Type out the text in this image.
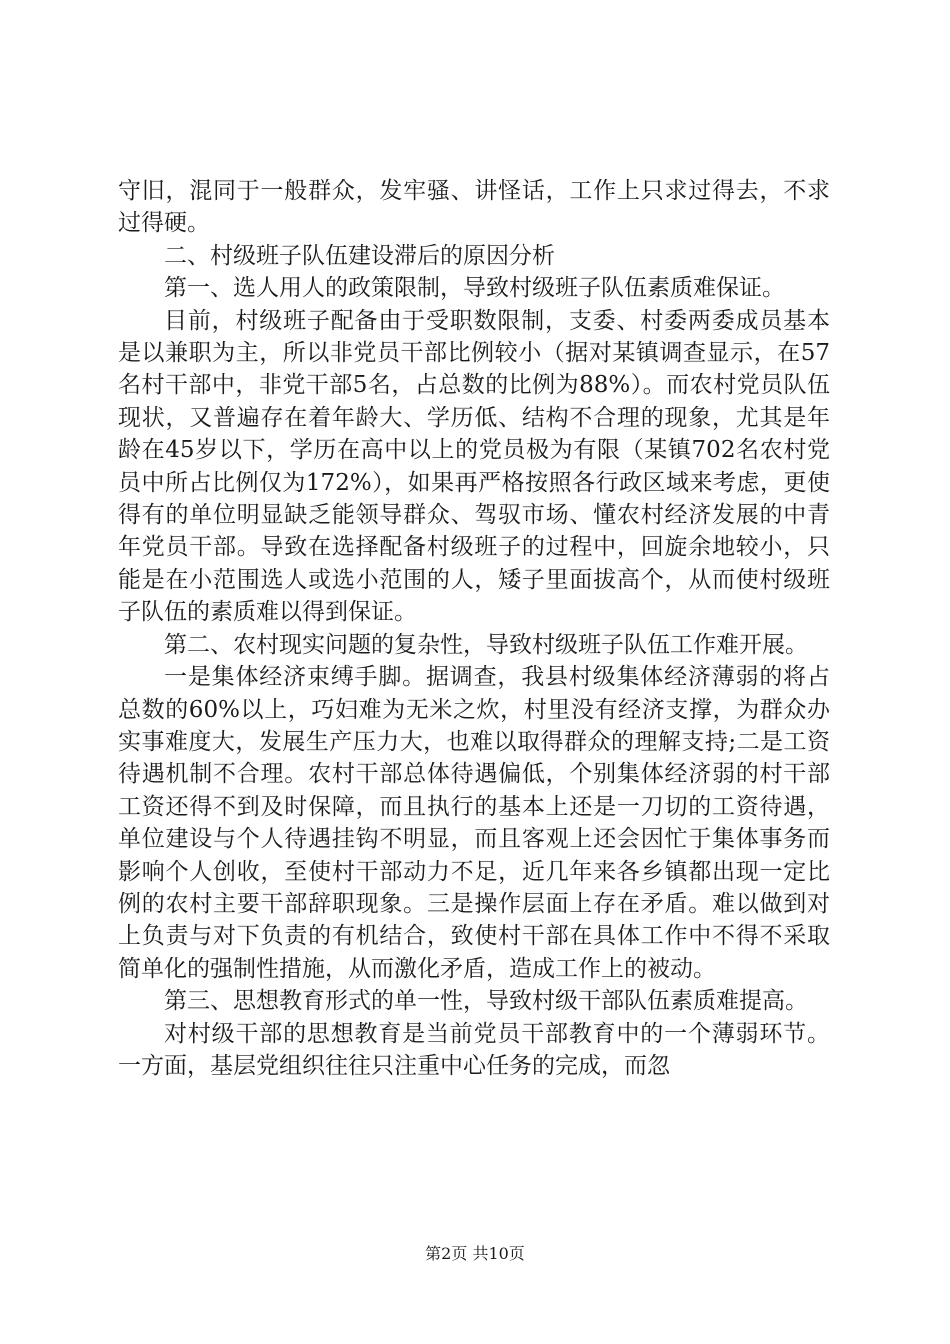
守旧，混同于一般群众，发牢骚、讲怪话，工作上只求过得去，不求过得硬。

二、村级班子队伍建设滞后的原因分析

第一、选人用人的政策限制，导致村级班子队伍素质难保证。

目前，村级班子配备由于受职数限制，支委、村委两委成员基本是以兼职为主，所以非党员干部比例较小（据对某镇调查显示，在57名村干部中，非党干部5名，占总数的比例为88%）。而农村党员队伍现状，又普遍存在着年龄大、学历低、结构不合理的现象，尤其是年龄在45岁以下，学历在高中以上的党员极为有限（某镇702名农村党员中所占比例仅为172%），如果再严格按照各行政区域来考虑，更使得有的单位明显缺乏能领导群众、驾驭市场、懂农村经济发展的中青年党员干部。导致在选择配备村级班子的过程中，回旋余地较小，只能是在小范围选人或选小范围的人，矮子里面拔高个，从而使村级班子队伍的素质难以得到保证。

第二、农村现实问题的复杂性，导致村级班子队伍工作难开展。

一是集体经济束缚手脚。据调查，我县村级集体经济薄弱的将占总数的60%以上，巧妇难为无米之炊，村里没有经济支撑，为群众办实事难度大，发展生产压力大，也难以取得群众的理解支持;二是工资待遇机制不合理。农村干部总体待遇偏低，个别集体经济弱的村干部工资还得不到及时保障，而且执行的基本上还是一刀切的工资待遇，单位建设与个人待遇挂钩不明显，而且客观上还会因忙于集体事务而影响个人创收，至使村干部动力不足，近几年来各乡镇都出现一定比例的农村主要干部辞职现象。三是操作层面上存在矛盾。难以做到对上负责与对下负责的有机结合，致使村干部在具体工作中不得不采取简单化的强制性措施，从而激化矛盾，造成工作上的被动。

第三、思想教育形式的单一性，导致村级干部队伍素质难提高。

对村级干部的思想教育是当前党员干部教育中的一个薄弱环节。一方面，基层党组织往往只注重中心任务的完成，而忽

第2页 共10页
